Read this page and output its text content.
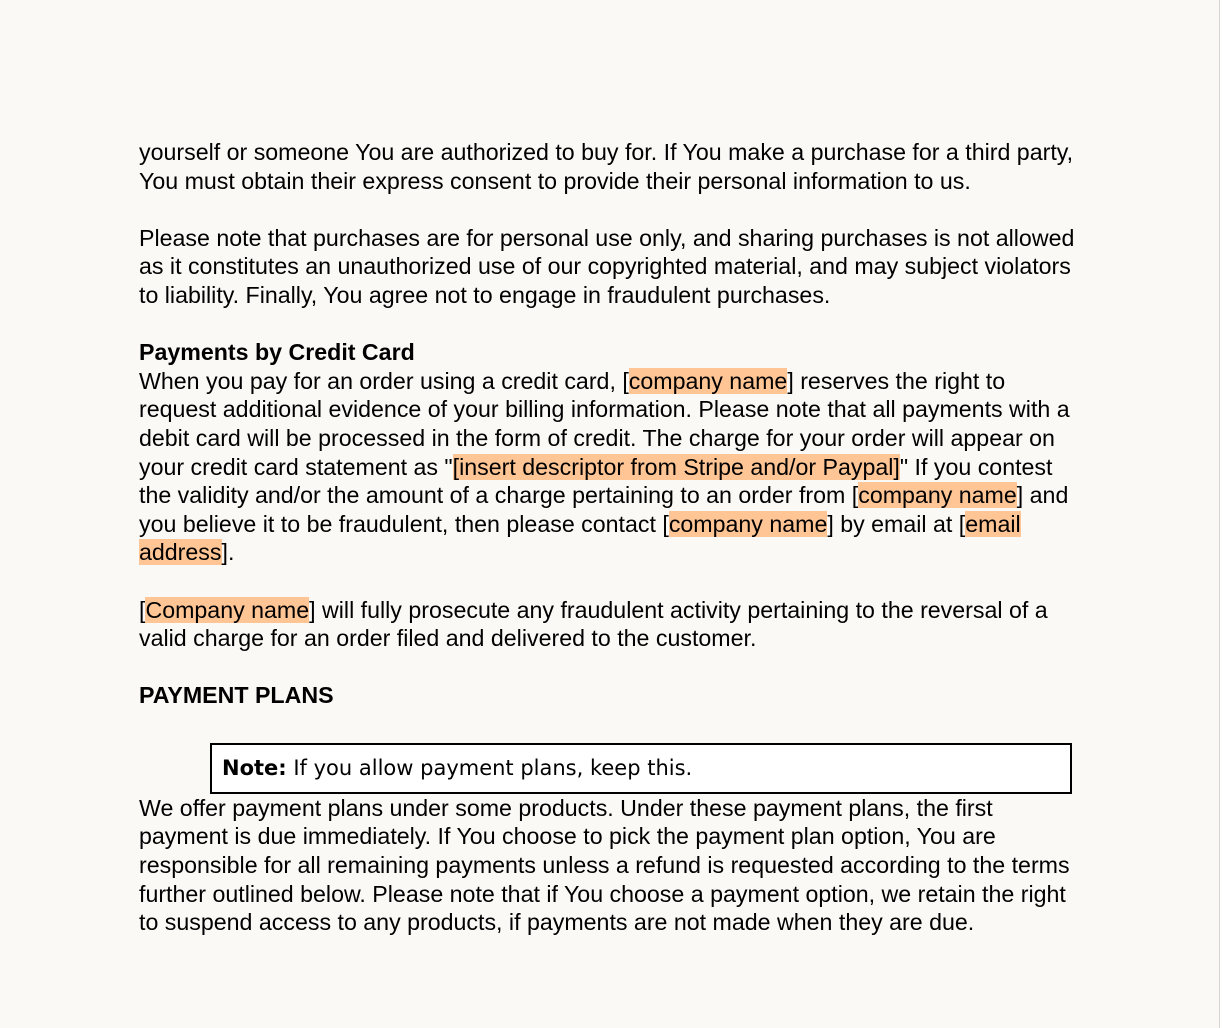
yourself or someone You are authorized to buy for. If You make a purchase for a third party, You must obtain their express consent to provide their personal information to us.

Please note that purchases are for personal use only, and sharing purchases is not allowed as it constitutes an unauthorized use of our copyrighted material, and may subject violators to liability. Finally, You agree not to engage in fraudulent purchases.

Payments by Credit Card

When you pay for an order using a credit card, [company name] reserves the right to request additional evidence of your billing information. Please note that all payments with a debit card will be processed in the form of credit. The charge for your order will appear on your credit card statement as "[insert descriptor from Stripe and/or Paypal]" If you contest the validity and/or the amount of a charge pertaining to an order from [company name] and you believe it to be fraudulent, then please contact [company name] by email at [email address].

[Company name] will fully prosecute any fraudulent activity pertaining to the reversal of a valid charge for an order filed and delivered to the customer.

PAYMENT PLANS

Note: If you allow payment plans, keep this.

We offer payment plans under some products. Under these payment plans, the first payment is due immediately. If You choose to pick the payment plan option, You are responsible for all remaining payments unless a refund is requested according to the terms further outlined below. Please note that if You choose a payment option, we retain the right to suspend access to any products, if payments are not made when they are due.
